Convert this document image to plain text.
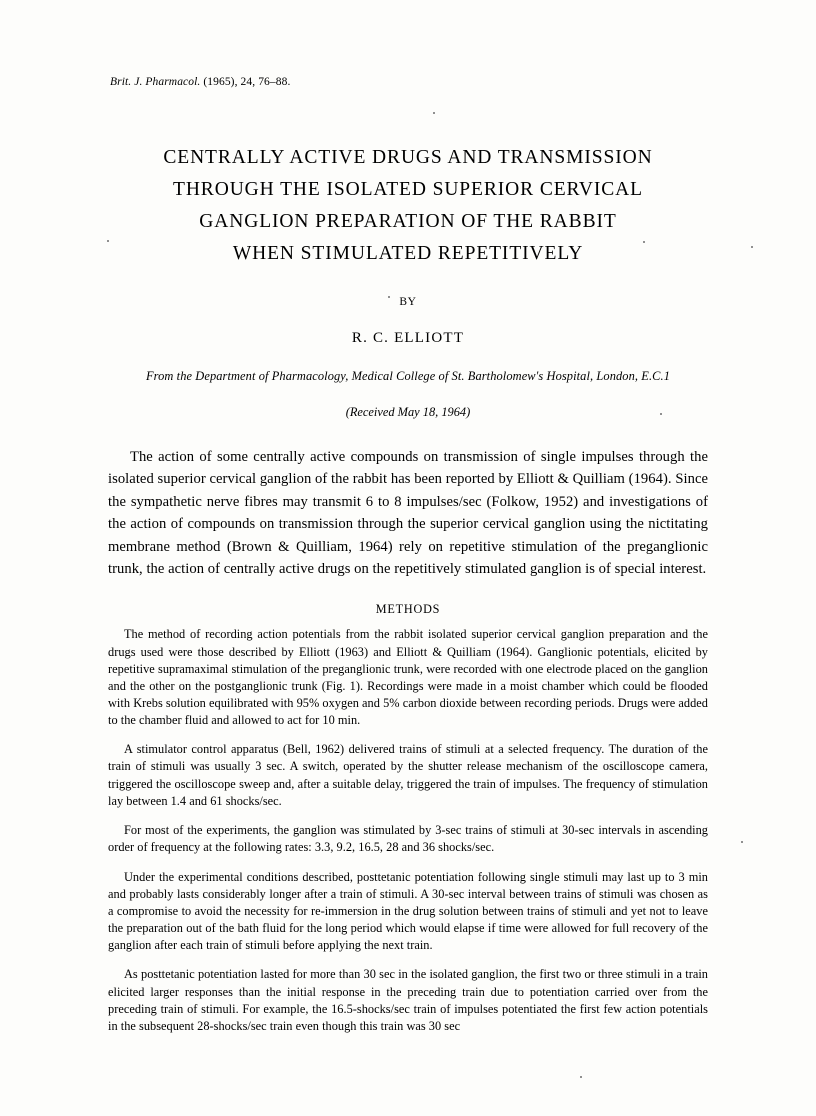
Brit. J. Pharmacol. (1965), 24, 76–88.

CENTRALLY ACTIVE DRUGS AND TRANSMISSION
THROUGH THE ISOLATED SUPERIOR CERVICAL
GANGLION PREPARATION OF THE RABBIT
WHEN STIMULATED REPETITIVELY
BY
R. C. ELLIOTT
From the Department of Pharmacology, Medical College of St. Bartholomew's Hospital, London, E.C.1
(Received May 18, 1964)

The action of some centrally active compounds on transmission of single impulses through the isolated superior cervical ganglion of the rabbit has been reported by Elliott & Quilliam (1964). Since the sympathetic nerve fibres may transmit 6 to 8 impulses/sec (Folkow, 1952) and investigations of the action of compounds on transmission through the superior cervical ganglion using the nictitating membrane method (Brown & Quilliam, 1964) rely on repetitive stimulation of the preganglionic trunk, the action of centrally active drugs on the repetitively stimulated ganglion is of special interest.

METHODS

The method of recording action potentials from the rabbit isolated superior cervical ganglion preparation and the drugs used were those described by Elliott (1963) and Elliott & Quilliam (1964). Ganglionic potentials, elicited by repetitive supramaximal stimulation of the preganglionic trunk, were recorded with one electrode placed on the ganglion and the other on the postganglionic trunk (Fig. 1). Recordings were made in a moist chamber which could be flooded with Krebs solution equilibrated with 95% oxygen and 5% carbon dioxide between recording periods. Drugs were added to the chamber fluid and allowed to act for 10 min.

A stimulator control apparatus (Bell, 1962) delivered trains of stimuli at a selected frequency. The duration of the train of stimuli was usually 3 sec. A switch, operated by the shutter release mechanism of the oscilloscope camera, triggered the oscilloscope sweep and, after a suitable delay, triggered the train of impulses. The frequency of stimulation lay between 1.4 and 61 shocks/sec.

For most of the experiments, the ganglion was stimulated by 3-sec trains of stimuli at 30-sec intervals in ascending order of frequency at the following rates: 3.3, 9.2, 16.5, 28 and 36 shocks/sec.

Under the experimental conditions described, posttetanic potentiation following single stimuli may last up to 3 min and probably lasts considerably longer after a train of stimuli. A 30-sec interval between trains of stimuli was chosen as a compromise to avoid the necessity for re-immersion in the drug solution between trains of stimuli and yet not to leave the preparation out of the bath fluid for the long period which would elapse if time were allowed for full recovery of the ganglion after each train of stimuli before applying the next train.

As posttetanic potentiation lasted for more than 30 sec in the isolated ganglion, the first two or three stimuli in a train elicited larger responses than the initial response in the preceding train due to potentiation carried over from the preceding train of stimuli. For example, the 16.5-shocks/sec train of impulses potentiated the first few action potentials in the subsequent 28-shocks/sec train even though this train was 30 sec
